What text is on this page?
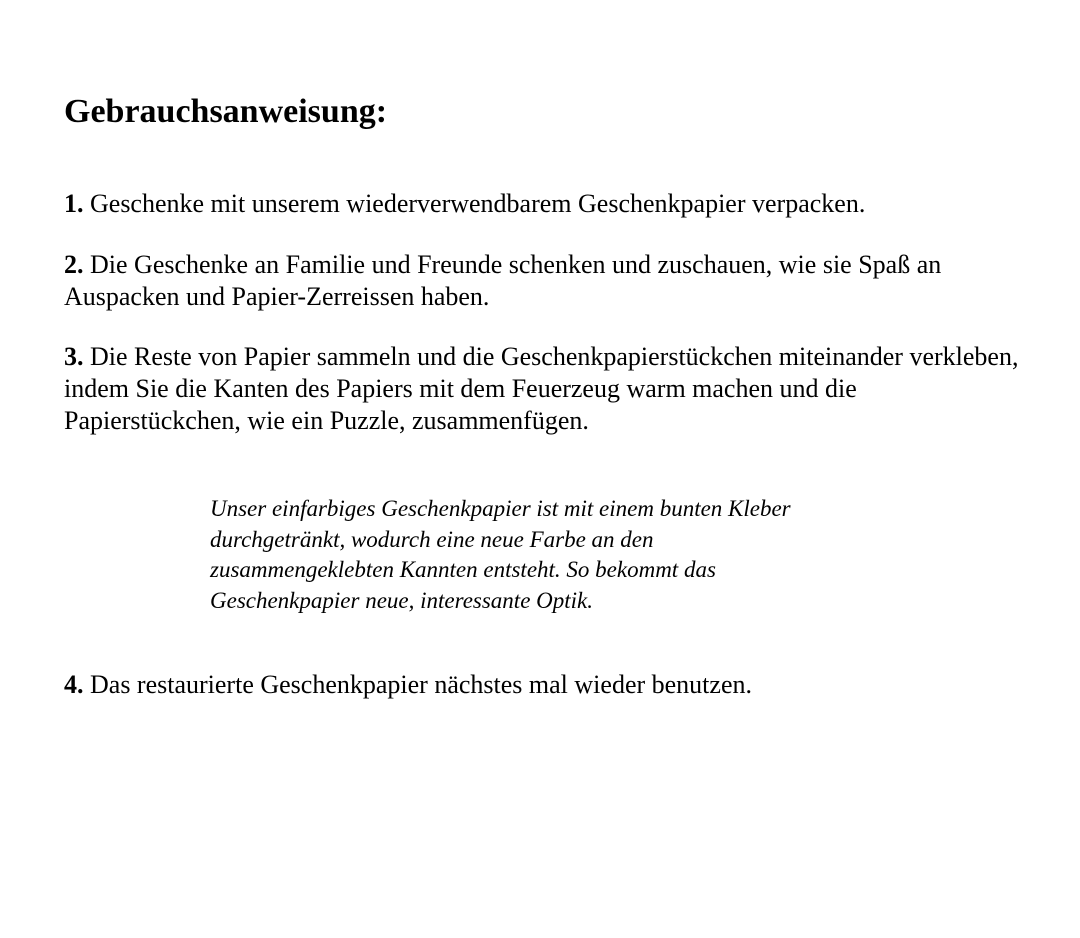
Gebrauchsanweisung:

1. Geschenke mit unserem wiederverwendbarem Geschenkpapier verpacken.

2. Die Geschenke an Familie und Freunde schenken und zuschauen, wie sie Spaß an Auspacken und Papier-Zerreissen haben.

3. Die Reste von Papier sammeln und die Geschenkpapierstückchen miteinander verkleben, indem Sie die Kanten des Papiers mit dem Feuerzeug warm machen und die Papierstückchen, wie ein Puzzle, zusammenfügen.

Unser einfarbiges Geschenkpapier ist mit einem bunten Kleber durchgetränkt, wodurch eine neue Farbe an den zusammengeklebten Kannten entsteht. So bekommt das Geschenkpapier neue, interessante Optik.

4. Das restaurierte Geschenkpapier nächstes mal wieder benutzen.
